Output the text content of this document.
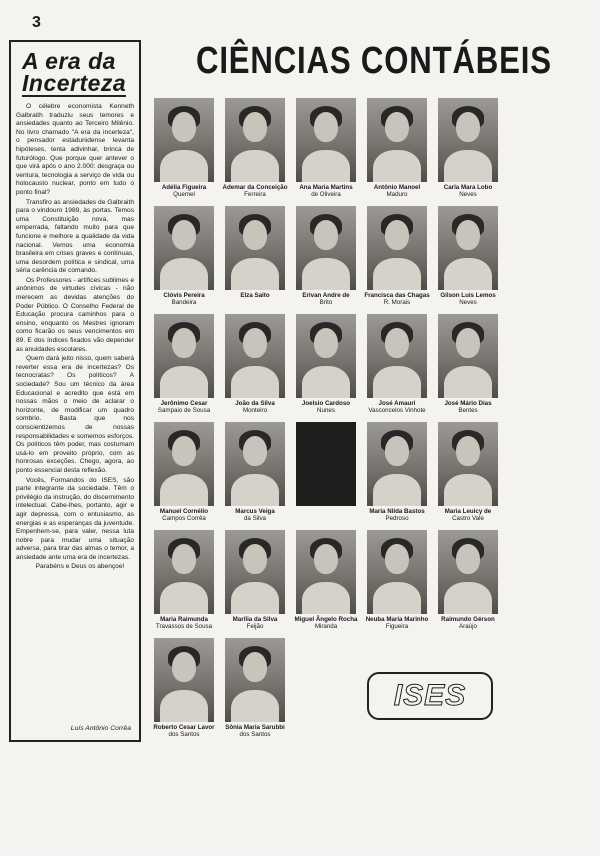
3
A era da
Incerteza

O célebre economista Kenneth Galbraith traduziu seus temores e ansiedades quanto ao Terceiro Milênio. No livro chamado "A era da incerteza", o pensador estadunidense levanta hipóteses, tenta adivinhar, brinca de futurólogo. Que porque quer antever o que virá após o ano 2.000: desgraça ou ventura, tecnologia a serviço de vida ou holocausto nuclear, ponto em tudo o ponto final?

Transfiro as ansiedades de Galbraith para o vindouro 1989, às portas. Temos uma Constituição nova, mas emperrada, faltando muito para que funcione e melhore a qualidade da vida nacional. Vemos uma economia brasileira em crises graves e contínuas, uma desordem política e sindical, uma séria carência de comando.

Os Professores - artífices sublimes e anônimos de virtudes cívicas - não merecem as devidas atenções do Poder Público. O Conselho Federal de Educação procura caminhos para o ensino, enquanto os Mestres ignoram como ficarão os seus vencimentos em 89. E dos índices fixados vão depender as anuidades escolares.

Quem dará jeito nisso, quem saberá reverter essa era de incertezas? Os tecnocratas? Os políticos? A sociedade? Sou um técnico da área Educacional e acredito que está em nossas mãos o meio de aclarar o horizonte, de modificar um quadro sombrio. Basta que nos conscientizemos de nossas responsabilidades e somemos esforços. Os políticos têm poder, mas costumam usá-lo em proveito próprio, com as honrosas exceções. Chego, agora, ao ponto essencial desta reflexão.

Vocês, Formandos do ISES, são parte integrante da sociedade. Têm o privilégio da instrução, do discernimento intelectual. Cabe-lhes, portanto, agir e agir depressa, com o entusiasmo, as energias e as esperanças da juventude. Empenhem-se, para valer, nessa luta nobre para mudar uma situação adversa, para tirar das almas o temor, a ansiedade ante uma era de incertezas.

Parabéns e Deus os abençoe!

Luís Antônio Corrêa
CIÊNCIAS CONTÁBEIS
Adélia Figueira
Quemel
Ademar da Conceição
Ferreira
Ana Maria Martins
de Oliveira
Antônio Manoel
Maduro
Carla Mara Lobo
Neves
Clóvis Pereira
Bandeira
Elza Saito	Erivan Andre de
Brito
Francisca das Chagas
R. Morais
Gilson Luis Lemos
Neves
Jerônimo Cesar
Sampaio de Sousa
João da Silva
Monteiro
Joelsio Cardoso
Nunes
José Amauri
Vasconcelos Vinhote
José Mário Dias
Bentes
Manuel Cornélio
Campos Corrêa
Marcus Veiga
da Silva
Maria Nilda Bastos
Pedroso
Maria Leuicy de
Castro Vale
Maria Raimunda
Travassos de Sousa
Marília da Silva
Feijão
Miguel Ângelo Rocha
Miranda
Neuba Maria Marinho
Figueira
Raimundo Gérson
Araújo
Roberto Cesar Lavor
dos Santos
Sônia Maria Sarubbi
dos Santos
ISES
